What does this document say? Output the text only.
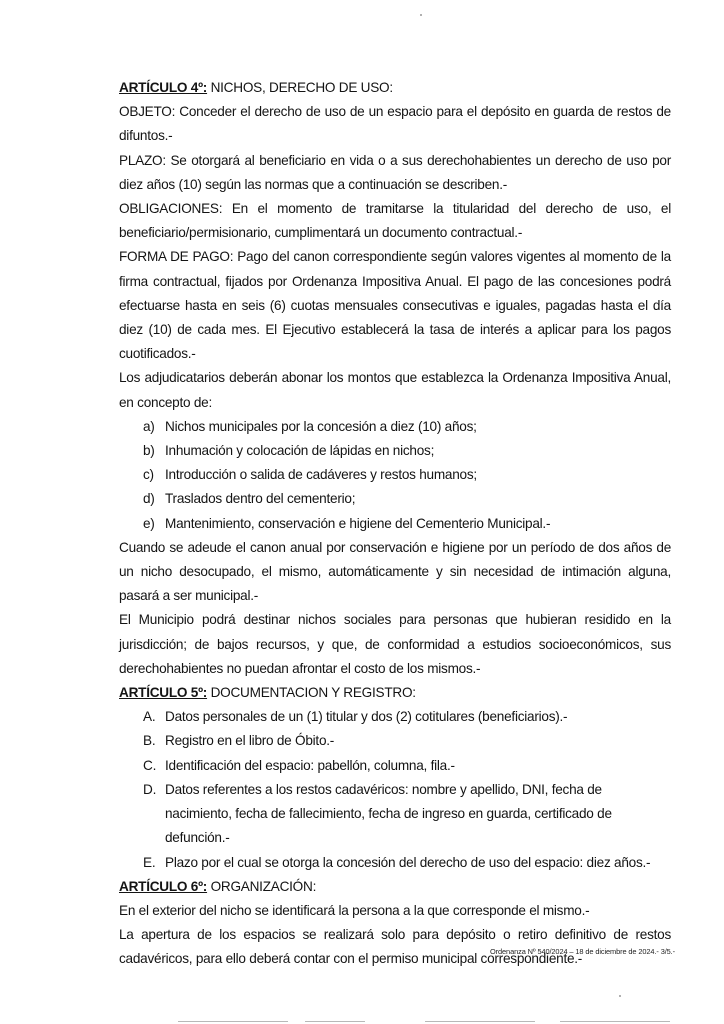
ARTÍCULO 4º: NICHOS, DERECHO DE USO:
OBJETO: Conceder el derecho de uso de un espacio para el depósito en guarda de restos de difuntos.-
PLAZO: Se otorgará al beneficiario en vida o a sus derechohabientes un derecho de uso por diez años (10) según las normas que a continuación se describen.-
OBLIGACIONES: En el momento de tramitarse la titularidad del derecho de uso, el beneficiario/permisionario, cumplimentará un documento contractual.-
FORMA DE PAGO: Pago del canon correspondiente según valores vigentes al momento de la firma contractual, fijados por Ordenanza Impositiva Anual. El pago de las concesiones podrá efectuarse hasta en seis (6) cuotas mensuales consecutivas e iguales, pagadas hasta el día diez (10) de cada mes. El Ejecutivo establecerá la tasa de interés a aplicar para los pagos cuotificados.-
Los adjudicatarios deberán abonar los montos que establezca la Ordenanza Impositiva Anual, en concepto de:
a) Nichos municipales por la concesión a diez (10) años;
b) Inhumación y colocación de lápidas en nichos;
c) Introducción o salida de cadáveres y restos humanos;
d) Traslados dentro del cementerio;
e) Mantenimiento, conservación e higiene del Cementerio Municipal.-
Cuando se adeude el canon anual por conservación e higiene por un período de dos años de un nicho desocupado, el mismo, automáticamente y sin necesidad de intimación alguna, pasará a ser municipal.-
El Municipio podrá destinar nichos sociales para personas que hubieran residido en la jurisdicción; de bajos recursos, y que, de conformidad a estudios socioeconómicos, sus derechohabientes no puedan afrontar el costo de los mismos.-
ARTÍCULO 5º: DOCUMENTACION Y REGISTRO:
A. Datos personales de un (1) titular y dos (2) cotitulares (beneficiarios).-
B. Registro en el libro de Óbito.-
C. Identificación del espacio: pabellón, columna, fila.-
D. Datos referentes a los restos cadavéricos: nombre y apellido, DNI, fecha de nacimiento, fecha de fallecimiento, fecha de ingreso en guarda, certificado de defunción.-
E. Plazo por el cual se otorga la concesión del derecho de uso del espacio: diez años.-
ARTÍCULO 6º: ORGANIZACIÓN:
En el exterior del nicho se identificará la persona a la que corresponde el mismo.-
La apertura de los espacios se realizará solo para depósito o retiro definitivo de restos cadavéricos, para ello deberá contar con el permiso municipal correspondiente.-
Ordenanza Nº 540/2024 – 18 de diciembre de 2024.- 3/5.-
